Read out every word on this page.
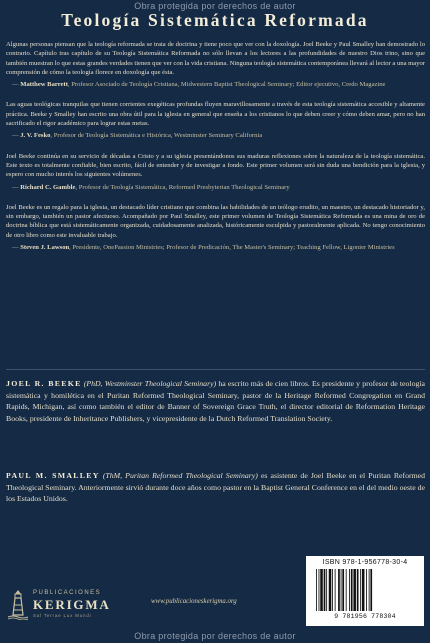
Obra protegida por derechos de autor
Teología Sistemática Reformada

Algunas personas piensan que la teología reformada se trata de doctrina y tiene poco que ver con la doxología. Joel Beeke y Paul Smalley han demostrado lo contrario. Capítulo tras capítulo de su Teología Sistemática Reformada no sólo llevan a los lectores a las profundidades de nuestro Dios trino, sino que también muestran lo que estas grandes verdades tienen que ver con la vida cristiana. Ninguna teología sistemática contemporánea llevará al lector a una mayor comprensión de cómo la teología florece en doxología que ésta.

— Matthew Barrett, Profesor Asociado de Teología Cristiana, Midwestern Baptist Theological Seminary; Editor ejecutivo, Credo Magazine

Las aguas teológicas tranquilas que tienen corrientes exegéticas profundas fluyen maravillosamente a través de esta teología sistemática accesible y altamente práctica. Beeke y Smalley han escrito una obra útil para la iglesia en general que enseña a los cristianos lo que deben creer y cómo deben amar, pero no han sacrificado el rigor académico para lograr estas metas.

— J. V. Fesko, Profesor de Teología Sistemática e Histórica, Westminster Seminary California

Joel Beeke continúa en su servicio de décadas a Cristo y a su iglesia presentándonos sus maduras reflexiones sobre la naturaleza de la teología sistemática. Este texto es totalmente confiable, bien escrito, fácil de entender y de investigar a fondo. Este primer volumen será sin duda una bendición para la iglesia, y espero con mucho interés los siguientes volúmenes.

— Richard C. Gamble, Profesor de Teología Sistemática, Reformed Presbyterian Theological Seminary

Joel Beeke es un regalo para la iglesia, un destacado líder cristiano que combina las habilidades de un teólogo erudito, un maestro, un destacado historiador y, sin embargo, también un pastor afectuoso. Acompañado por Paul Smalley, este primer volumen de Teología Sistemática Reformada es una mina de oro de doctrina bíblica que está sistemáticamente organizada, cuidadosamente analizada, históricamente esculpida y pastoralmente aplicada. No tengo conocimiento de otro libro como este invaluable trabajo.

— Steven J. Lawson, Presidente, OnePassion Ministries; Profesor de Predicación, The Master's Seminary; Teaching Fellow, Ligonier Ministries

JOEL R. BEEKE (PhD, Westminster Theological Seminary) ha escrito más de cien libros. Es presidente y profesor de teología sistemática y homilética en el Puritan Reformed Theological Seminary, pastor de la Heritage Reformed Congregation en Grand Rapids, Michigan, así como también el editor de Banner of Sovereign Grace Truth, el director editorial de Reformation Heritage Books, presidente de Inheritance Publishers, y vicepresidente de la Dutch Reformed Translation Society.

PAUL M. SMALLEY (ThM, Puritan Reformed Theological Seminary) es asistente de Joel Beeke en el Puritan Reformed Theological Seminary. Anteriormente sirvió durante doce años como pastor en la Baptist General Conference en el del medio oeste de los Estados Unidos.

PUBLICACIONES
KERIGMA
Sal Terrae Lux Mundi
www.publicacioneskerigma.org
ISBN 978-1-956778-30-4
9 781956 778304
Obra protegida por derechos de autor
